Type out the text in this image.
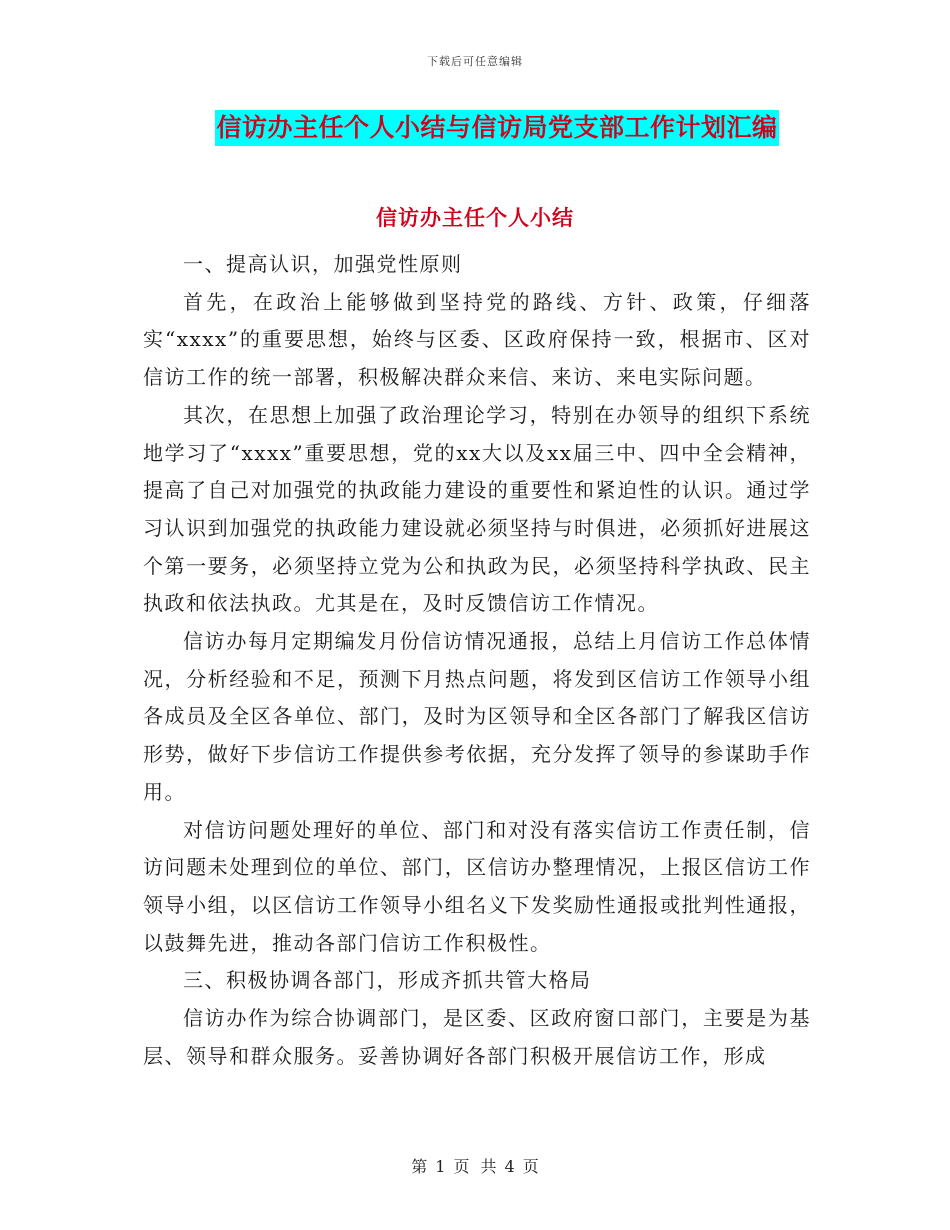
下载后可任意编辑
信访办主任个人小结与信访局党支部工作计划汇编
信访办主任个人小结

一、提高认识，加强党性原则

首先，在政治上能够做到坚持党的路线、方针、政策，仔细落实“xxxx”的重要思想，始终与区委、区政府保持一致，根据市、区对信访工作的统一部署，积极解决群众来信、来访、来电实际问题。

其次，在思想上加强了政治理论学习，特别在办领导的组织下系统地学习了“xxxx”重要思想，党的xx大以及xx届三中、四中全会精神，提高了自己对加强党的执政能力建设的重要性和紧迫性的认识。通过学习认识到加强党的执政能力建设就必须坚持与时俱进，必须抓好进展这个第一要务，必须坚持立党为公和执政为民，必须坚持科学执政、民主执政和依法执政。尤其是在，及时反馈信访工作情况。

信访办每月定期编发月份信访情况通报，总结上月信访工作总体情况，分析经验和不足，预测下月热点问题，将发到区信访工作领导小组各成员及全区各单位、部门，及时为区领导和全区各部门了解我区信访形势，做好下步信访工作提供参考依据，充分发挥了领导的参谋助手作用。

对信访问题处理好的单位、部门和对没有落实信访工作责任制，信访问题未处理到位的单位、部门，区信访办整理情况，上报区信访工作领导小组，以区信访工作领导小组名义下发奖励性通报或批判性通报，以鼓舞先进，推动各部门信访工作积极性。

三、积极协调各部门，形成齐抓共管大格局

信访办作为综合协调部门，是区委、区政府窗口部门，主要是为基层、领导和群众服务。妥善协调好各部门积极开展信访工作，形成

第 1 页 共 4 页
